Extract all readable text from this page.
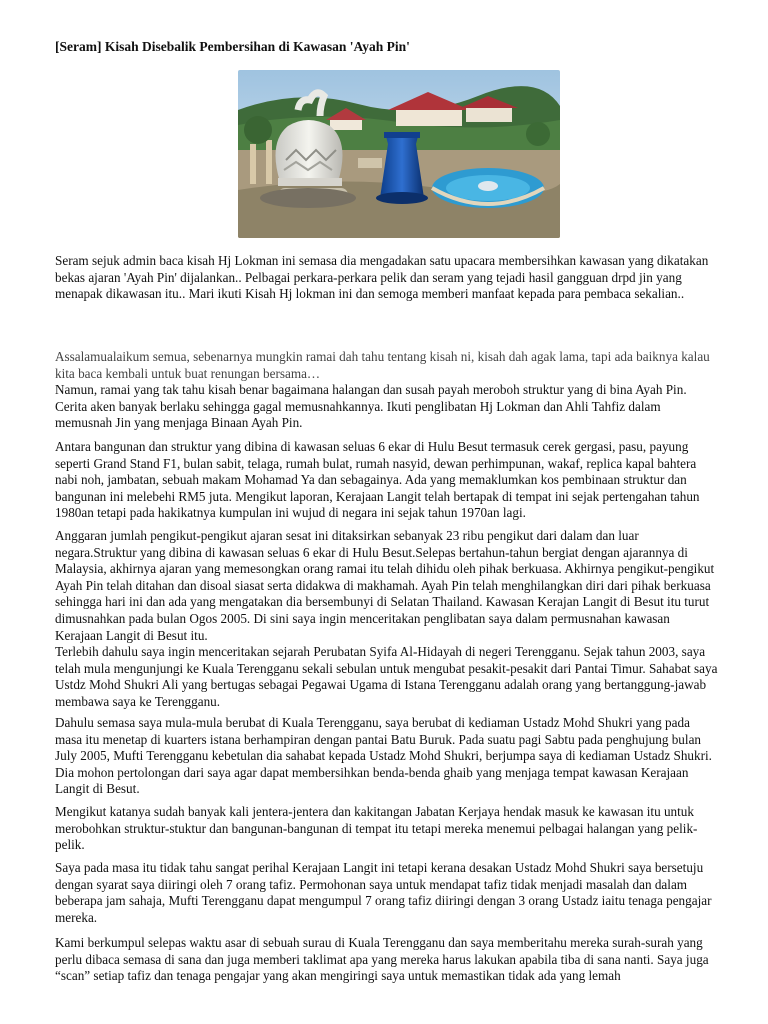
[Seram] Kisah Disebalik Pembersihan di Kawasan 'Ayah Pin'

Seram sejuk admin baca kisah Hj Lokman ini semasa dia mengadakan satu upacara membersihkan kawasan yang dikatakan bekas ajaran 'Ayah Pin' dijalankan.. Pelbagai perkara-perkara pelik dan seram yang tejadi hasil gangguan drpd jin yang menapak dikawasan itu.. Mari ikuti Kisah Hj lokman ini dan semoga memberi manfaat kepada para pembaca sekalian..

Assalamualaikum semua, sebenarnya mungkin ramai dah tahu tentang kisah ni, kisah dah agak lama, tapi ada baiknya kalau kita baca kembali untuk buat renungan bersama…

Namun, ramai yang tak tahu kisah benar bagaimana halangan dan susah payah meroboh struktur yang di bina Ayah Pin. Cerita aken banyak berlaku sehingga gagal memusnahkannya. Ikuti penglibatan Hj Lokman dan Ahli Tahfiz dalam memusnah Jin yang menjaga Binaan Ayah Pin.

Antara bangunan dan struktur yang dibina di kawasan seluas 6 ekar di Hulu Besut termasuk cerek gergasi, pasu, payung seperti Grand Stand F1, bulan sabit, telaga, rumah bulat, rumah nasyid, dewan perhimpunan, wakaf, replica kapal bahtera nabi noh, jambatan, sebuah makam Mohamad Ya dan sebagainya. Ada yang memaklumkan kos pembinaan struktur dan bangunan ini melebehi RM5 juta. Mengikut laporan, Kerajaan Langit telah bertapak di tempat ini sejak pertengahan tahun 1980an tetapi pada hakikatnya kumpulan ini wujud di negara ini sejak tahun 1970an lagi.

Anggaran jumlah pengikut-pengikut ajaran sesat ini ditaksirkan sebanyak 23 ribu pengikut dari dalam dan luar negara.Struktur yang dibina di kawasan seluas 6 ekar di Hulu Besut.Selepas bertahun-tahun bergiat dengan ajarannya di Malaysia, akhirnya ajaran yang memesongkan orang ramai itu telah dihidu oleh pihak berkuasa. Akhirnya pengikut-pengikut Ayah Pin telah ditahan dan disoal siasat serta didakwa di makhamah. Ayah Pin telah menghilangkan diri dari pihak berkuasa sehingga hari ini dan ada yang mengatakan dia bersembunyi di Selatan Thailand. Kawasan Kerajan Langit di Besut itu turut dimusnahkan pada bulan Ogos 2005. Di sini saya ingin menceritakan penglibatan saya dalam permusnahan kawasan Kerajaan Langit di Besut itu.

Terlebih dahulu saya ingin menceritakan sejarah Perubatan Syifa Al-Hidayah di negeri Terengganu. Sejak tahun 2003, saya telah mula mengunjungi ke Kuala Terengganu sekali sebulan untuk mengubat pesakit-pesakit dari Pantai Timur. Sahabat saya Ustdz Mohd Shukri Ali yang bertugas sebagai Pegawai Ugama di Istana Terengganu adalah orang yang bertanggung-jawab membawa saya ke Terengganu.

Dahulu semasa saya mula-mula berubat di Kuala Terengganu, saya berubat di kediaman Ustadz Mohd Shukri yang pada masa itu menetap di kuarters istana berhampiran dengan pantai Batu Buruk. Pada suatu pagi Sabtu pada penghujung bulan July 2005, Mufti Terengganu kebetulan dia sahabat kepada Ustadz Mohd Shukri, berjumpa saya di kediaman Ustadz Shukri. Dia mohon pertolongan dari saya agar dapat membersihkan benda-benda ghaib yang menjaga tempat kawasan Kerajaan Langit di Besut.

Mengikut katanya sudah banyak kali jentera-jentera dan kakitangan Jabatan Kerjaya hendak masuk ke kawasan itu untuk merobohkan struktur-stuktur dan bangunan-bangunan di tempat itu tetapi mereka menemui pelbagai halangan yang pelik-pelik.

Saya pada masa itu tidak tahu sangat perihal Kerajaan Langit ini tetapi kerana desakan Ustadz Mohd Shukri saya bersetuju dengan syarat saya diiringi oleh 7 orang tafiz. Permohonan saya untuk mendapat tafiz tidak menjadi masalah dan dalam beberapa jam sahaja, Mufti Terengganu dapat mengumpul 7 orang tafiz diiringi dengan 3 orang Ustadz iaitu tenaga pengajar mereka.

Kami berkumpul selepas waktu asar di sebuah surau di Kuala Terengganu dan saya memberitahu mereka surah-surah yang perlu dibaca semasa di sana dan juga memberi taklimat apa yang mereka harus lakukan apabila tiba di sana nanti. Saya juga “scan” setiap tafiz dan tenaga pengajar yang akan mengiringi saya untuk memastikan tidak ada yang lemah
